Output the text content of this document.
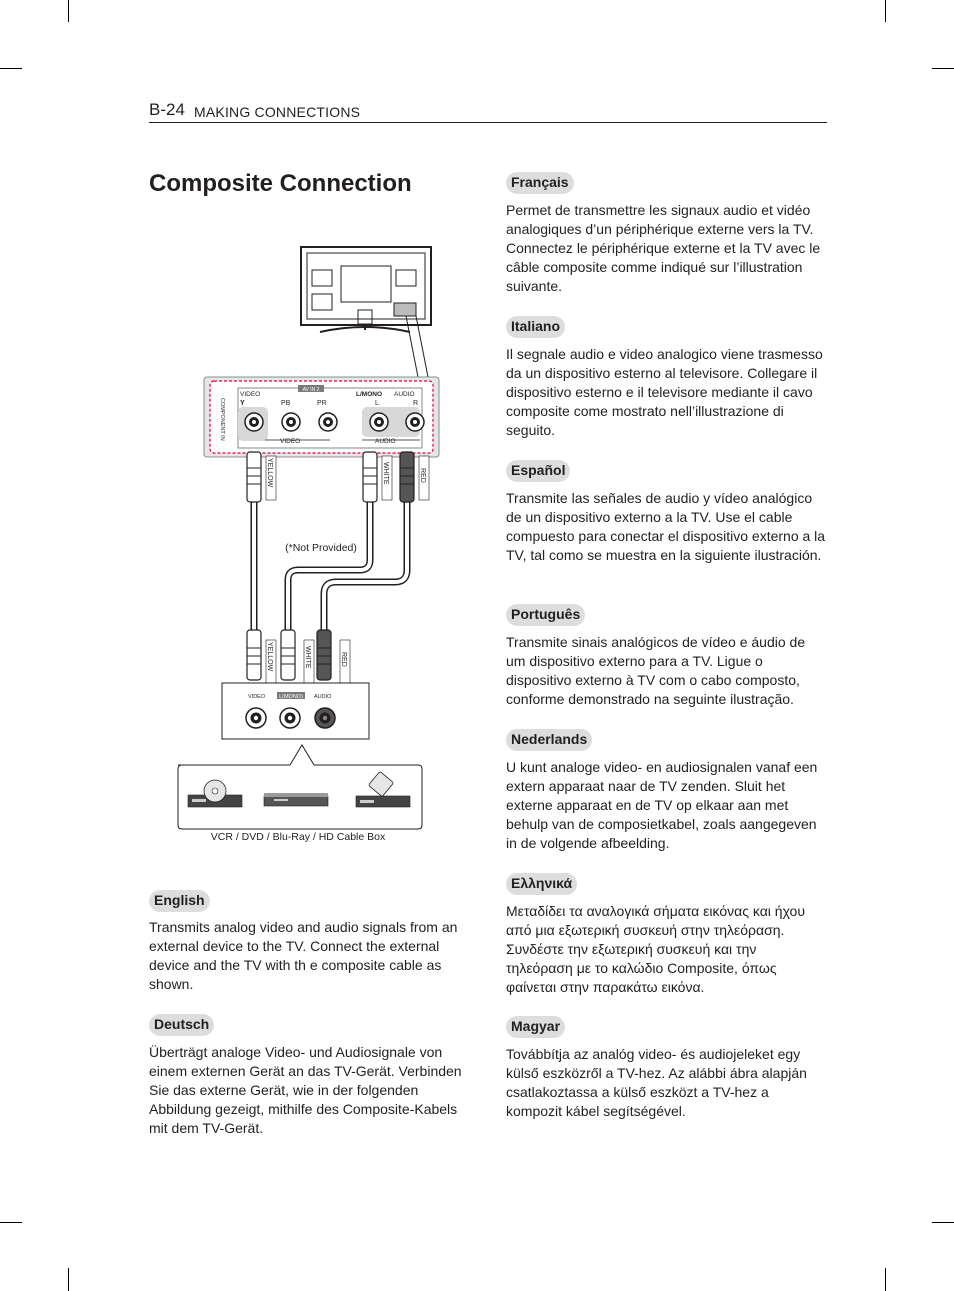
B-24 MAKING CONNECTIONS
Composite Connection
AV IN 2
VIDEO	L/MONO AUDIO
Y	PB	PR	L	R
COMPONENT IN
VIDEO	AUDIO
YELLOW	WHITE	RED
(*Not Provided)
YELLOW	WHITE	RED
VIDEO	L(MONO) AUDIO
VCR / DVD / Blu-Ray / HD Cable Box
English
Transmits analog video and audio signals from an external device to the TV. Connect the external device and the TV with th e composite cable as shown.
Deutsch
Überträgt analoge Video- und Audiosignale von einem externen Gerät an das TV-Gerät. Verbinden Sie das externe Gerät, wie in der folgenden Abbildung gezeigt, mithilfe des Composite-Kabels mit dem TV-Gerät.
Français
Permet de transmettre les signaux audio et vidéo analogiques d’un périphérique externe vers la TV. Connectez le périphérique externe et la TV avec le câble composite comme indiqué sur l’illustration suivante.
Italiano
Il segnale audio e video analogico viene trasmesso da un dispositivo esterno al televisore. Collegare il dispositivo esterno e il televisore mediante il cavo composite come mostrato nell’illustrazione di seguito.
Español
Transmite las señales de audio y vídeo analógico de un dispositivo externo a la TV. Use el cable compuesto para conectar el dispositivo externo a la TV, tal como se muestra en la siguiente ilustración.
Português
Transmite sinais analógicos de vídeo e áudio de um dispositivo externo para a TV. Ligue o dispositivo externo à TV com o cabo composto, conforme demonstrado na seguinte ilustração.
Nederlands
U kunt analoge video- en audiosignalen vanaf een extern apparaat naar de TV zenden. Sluit het externe apparaat en de TV op elkaar aan met behulp van de composietkabel, zoals aangegeven in de volgende afbeelding.
Ελληνικά
Μεταδίδει τα αναλογικά σήματα εικόνας και ήχου από μια εξωτερική συσκευή στην τηλεόραση. Συνδέστε την εξωτερική συσκευή και την τηλεόραση με το καλώδιο Composite, όπως φαίνεται στην παρακάτω εικόνα.
Magyar
Továbbítja az analóg video- és audiojeleket egy külső eszközről a TV-hez. Az alábbi ábra alapján csatlakoztassa a külső eszközt a TV-hez a kompozit kábel segítségével.
